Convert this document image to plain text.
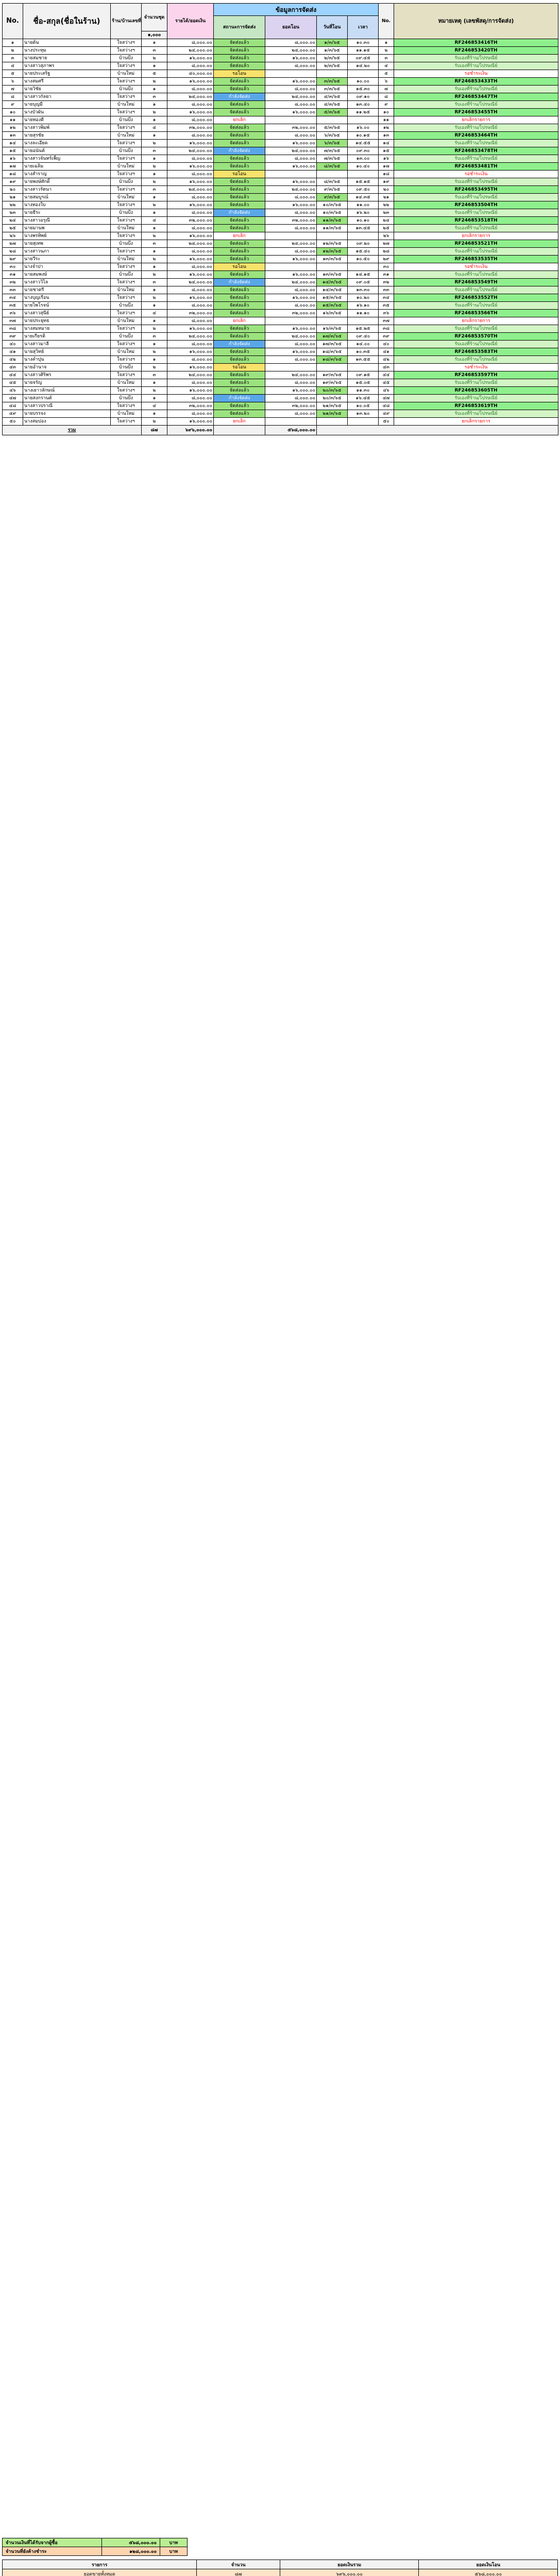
No.	ชื่อ-สกุล(ชื่อในร้าน)	ร้าน/บ้านเลขที่	จำนวนชุด	รายได้/ยอดเงิน	ข้อมูลการจัดส่ง				No.	หมายเหตุ (เลขพัสดุ/การจัดส่ง)
					สถานะการจัดส่ง	ยอดโอน	วันที่โอน	เวลา		
			๑,๐๐๐							
๑	นายต้น	ใจสว่างฯ	๑	๘,๐๐๐.๐๐	จัดส่งแล้ว	๘,๐๐๐.๐๐	๑/๓/๖๕	๑๐.๓๐	๑	RF246853416TH
๒	นางประทุม	ใจสว่างฯ	๓	๒๔,๐๐๐.๐๐	จัดส่งแล้ว	๒๔,๐๐๐.๐๐	๑/๓/๖๕	๑๑.๑๕	๒	RF246853420TH
๓	นายสมชาย	บ้านบึง	๒	๑๖,๐๐๐.๐๐	จัดส่งแล้ว	๑๖,๐๐๐.๐๐	๒/๓/๖๕	๐๙.๔๕	๓	รับเองที่ร้าน/ไปรษณีย์
๔	นางสาวสุภาพร	ใจสว่างฯ	๑	๘,๐๐๐.๐๐	จัดส่งแล้ว	๘,๐๐๐.๐๐	๒/๓/๖๕	๑๔.๒๐	๔	รับเองที่ร้าน/ไปรษณีย์
๕	นายประเสริฐ	บ้านใหม่	๕	๔๐,๐๐๐.๐๐	รอโอน				๕	รอชำระเงิน
๖	นางสมศรี	ใจสว่างฯ	๒	๑๖,๐๐๐.๐๐	จัดส่งแล้ว	๑๖,๐๐๐.๐๐	๓/๓/๖๕	๑๐.๐๐	๖	RF246853433TH
๗	นายวิชัย	บ้านบึง	๑	๘,๐๐๐.๐๐	จัดส่งแล้ว	๘,๐๐๐.๐๐	๓/๓/๖๕	๑๕.๓๐	๗	รับเองที่ร้าน/ไปรษณีย์
๘	นางสาวกัลยา	ใจสว่างฯ	๓	๒๔,๐๐๐.๐๐	กำลังจัดส่ง	๒๔,๐๐๐.๐๐	๔/๓/๖๕	๐๙.๑๐	๘	RF246853447TH
๙	นายบุญมี	บ้านใหม่	๑	๘,๐๐๐.๐๐	จัดส่งแล้ว	๘,๐๐๐.๐๐	๔/๓/๖๕	๑๓.๔๐	๙	รับเองที่ร้าน/ไปรษณีย์
๑๐	นางบัวผัน	ใจสว่างฯ	๒	๑๖,๐๐๐.๐๐	จัดส่งแล้ว	๑๖,๐๐๐.๐๐	๕/๓/๖๕	๑๑.๒๕	๑๐	RF246853455TH
๑๑	นายทองดี	บ้านบึง	๑	๘,๐๐๐.๐๐	ยกเลิก				๑๑	ยกเลิกรายการ
๑๒	นางสาวพิมพ์	ใจสว่างฯ	๔	๓๒,๐๐๐.๐๐	จัดส่งแล้ว	๓๒,๐๐๐.๐๐	๕/๓/๖๕	๑๖.๐๐	๑๒	รับเองที่ร้าน/ไปรษณีย์
๑๓	นายสุรชัย	บ้านใหม่	๑	๘,๐๐๐.๐๐	จัดส่งแล้ว	๘,๐๐๐.๐๐	๖/๓/๖๕	๑๐.๑๕	๑๓	RF246853464TH
๑๔	นางละเอียด	ใจสว่างฯ	๒	๑๖,๐๐๐.๐๐	จัดส่งแล้ว	๑๖,๐๐๐.๐๐	๖/๓/๖๕	๑๔.๕๕	๑๔	รับเองที่ร้าน/ไปรษณีย์
๑๕	นายอนันต์	บ้านบึง	๓	๒๔,๐๐๐.๐๐	กำลังจัดส่ง	๒๔,๐๐๐.๐๐	๗/๓/๖๕	๐๙.๓๐	๑๕	RF246853478TH
๑๖	นางสาวจันทร์เพ็ญ	ใจสว่างฯ	๑	๘,๐๐๐.๐๐	จัดส่งแล้ว	๘,๐๐๐.๐๐	๗/๓/๖๕	๑๓.๐๐	๑๖	รับเองที่ร้าน/ไปรษณีย์
๑๗	นายเฉลิม	บ้านใหม่	๒	๑๖,๐๐๐.๐๐	จัดส่งแล้ว	๑๖,๐๐๐.๐๐	๘/๓/๖๕	๑๐.๔๐	๑๗	RF246853481TH
๑๘	นางสำราญ	ใจสว่างฯ	๑	๘,๐๐๐.๐๐	รอโอน				๑๘	รอชำระเงิน
๑๙	นายพงษ์ศักดิ์	บ้านบึง	๒	๑๖,๐๐๐.๐๐	จัดส่งแล้ว	๑๖,๐๐๐.๐๐	๘/๓/๖๕	๑๕.๑๕	๑๙	รับเองที่ร้าน/ไปรษณีย์
๒๐	นางสาวรัตนา	ใจสว่างฯ	๓	๒๔,๐๐๐.๐๐	จัดส่งแล้ว	๒๔,๐๐๐.๐๐	๙/๓/๖๕	๐๙.๕๐	๒๐	RF246853495TH
๒๑	นายสมบูรณ์	บ้านใหม่	๑	๘,๐๐๐.๐๐	จัดส่งแล้ว	๘,๐๐๐.๐๐	๙/๓/๖๕	๑๔.๓๕	๒๑	รับเองที่ร้าน/ไปรษณีย์
๒๒	นางทองใบ	ใจสว่างฯ	๒	๑๖,๐๐๐.๐๐	จัดส่งแล้ว	๑๖,๐๐๐.๐๐	๑๐/๓/๖๕	๑๑.๐๐	๒๒	RF246853504TH
๒๓	นายธีระ	บ้านบึง	๑	๘,๐๐๐.๐๐	กำลังจัดส่ง	๘,๐๐๐.๐๐	๑๐/๓/๖๕	๑๖.๒๐	๒๓	รับเองที่ร้าน/ไปรษณีย์
๒๔	นางสาวอรุณี	ใจสว่างฯ	๔	๓๒,๐๐๐.๐๐	จัดส่งแล้ว	๓๒,๐๐๐.๐๐	๑๑/๓/๖๕	๑๐.๑๐	๒๔	RF246853518TH
๒๕	นายมานพ	บ้านใหม่	๑	๘,๐๐๐.๐๐	จัดส่งแล้ว	๘,๐๐๐.๐๐	๑๑/๓/๖๕	๑๓.๔๕	๒๕	รับเองที่ร้าน/ไปรษณีย์
๒๖	นางพรทิพย์	ใจสว่างฯ	๒	๑๖,๐๐๐.๐๐	ยกเลิก				๒๖	ยกเลิกรายการ
๒๗	นายสุเทพ	บ้านบึง	๓	๒๔,๐๐๐.๐๐	จัดส่งแล้ว	๒๔,๐๐๐.๐๐	๑๒/๓/๖๕	๐๙.๒๐	๒๗	RF246853521TH
๒๘	นางสาวนภา	ใจสว่างฯ	๑	๘,๐๐๐.๐๐	จัดส่งแล้ว	๘,๐๐๐.๐๐	๑๒/๓/๖๕	๑๕.๔๐	๒๘	รับเองที่ร้าน/ไปรษณีย์
๒๙	นายวีระ	บ้านใหม่	๒	๑๖,๐๐๐.๐๐	จัดส่งแล้ว	๑๖,๐๐๐.๐๐	๑๓/๓/๖๕	๑๐.๕๐	๒๙	RF246853535TH
๓๐	นางจำปา	ใจสว่างฯ	๑	๘,๐๐๐.๐๐	รอโอน				๓๐	รอชำระเงิน
๓๑	นายสมพงษ์	บ้านบึง	๒	๑๖,๐๐๐.๐๐	จัดส่งแล้ว	๑๖,๐๐๐.๐๐	๑๓/๓/๖๕	๑๔.๑๕	๓๑	รับเองที่ร้าน/ไปรษณีย์
๓๒	นางสาววิไล	ใจสว่างฯ	๓	๒๔,๐๐๐.๐๐	กำลังจัดส่ง	๒๔,๐๐๐.๐๐	๑๔/๓/๖๕	๐๙.๐๕	๓๒	RF246853549TH
๓๓	นายชาตรี	บ้านใหม่	๑	๘,๐๐๐.๐๐	จัดส่งแล้ว	๘,๐๐๐.๐๐	๑๔/๓/๖๕	๑๓.๓๐	๓๓	รับเองที่ร้าน/ไปรษณีย์
๓๔	นางบุญเรือน	ใจสว่างฯ	๒	๑๖,๐๐๐.๐๐	จัดส่งแล้ว	๑๖,๐๐๐.๐๐	๑๕/๓/๖๕	๑๐.๒๐	๓๔	RF246853552TH
๓๕	นายไพโรจน์	บ้านบึง	๑	๘,๐๐๐.๐๐	จัดส่งแล้ว	๘,๐๐๐.๐๐	๑๕/๓/๖๕	๑๖.๑๐	๓๕	รับเองที่ร้าน/ไปรษณีย์
๓๖	นางสาวสุนีย์	ใจสว่างฯ	๔	๓๒,๐๐๐.๐๐	จัดส่งแล้ว	๓๒,๐๐๐.๐๐	๑๖/๓/๖๕	๑๑.๑๐	๓๖	RF246853566TH
๓๗	นายประยุทธ	บ้านใหม่	๑	๘,๐๐๐.๐๐	ยกเลิก				๓๗	ยกเลิกรายการ
๓๘	นางสมหมาย	ใจสว่างฯ	๒	๑๖,๐๐๐.๐๐	จัดส่งแล้ว	๑๖,๐๐๐.๐๐	๑๖/๓/๖๕	๑๕.๒๕	๓๘	รับเองที่ร้าน/ไปรษณีย์
๓๙	นายเกียรติ	บ้านบึง	๓	๒๔,๐๐๐.๐๐	จัดส่งแล้ว	๒๔,๐๐๐.๐๐	๑๗/๓/๖๕	๐๙.๔๐	๓๙	RF246853570TH
๔๐	นางสาวมาลี	ใจสว่างฯ	๑	๘,๐๐๐.๐๐	กำลังจัดส่ง	๘,๐๐๐.๐๐	๑๗/๓/๖๕	๑๔.๐๐	๔๐	รับเองที่ร้าน/ไปรษณีย์
๔๑	นายสุวิทย์	บ้านใหม่	๒	๑๖,๐๐๐.๐๐	จัดส่งแล้ว	๑๖,๐๐๐.๐๐	๑๘/๓/๖๕	๑๐.๓๕	๔๑	RF246853583TH
๔๒	นางคำปุน	ใจสว่างฯ	๑	๘,๐๐๐.๐๐	จัดส่งแล้ว	๘,๐๐๐.๐๐	๑๘/๓/๖๕	๑๓.๕๕	๔๒	รับเองที่ร้าน/ไปรษณีย์
๔๓	นายอำนาจ	บ้านบึง	๒	๑๖,๐๐๐.๐๐	รอโอน				๔๓	รอชำระเงิน
๔๔	นางสาวศิริพร	ใจสว่างฯ	๓	๒๔,๐๐๐.๐๐	จัดส่งแล้ว	๒๔,๐๐๐.๐๐	๑๙/๓/๖๕	๐๙.๑๕	๔๔	RF246853597TH
๔๕	นายจรัญ	บ้านใหม่	๑	๘,๐๐๐.๐๐	จัดส่งแล้ว	๘,๐๐๐.๐๐	๑๙/๓/๖๕	๑๕.๐๕	๔๕	รับเองที่ร้าน/ไปรษณีย์
๔๖	นางเยาวลักษณ์	ใจสว่างฯ	๒	๑๖,๐๐๐.๐๐	จัดส่งแล้ว	๑๖,๐๐๐.๐๐	๒๐/๓/๖๕	๑๑.๓๐	๔๖	RF246853605TH
๔๗	นายสงกรานต์	บ้านบึง	๑	๘,๐๐๐.๐๐	กำลังจัดส่ง	๘,๐๐๐.๐๐	๒๐/๓/๖๕	๑๖.๔๕	๔๗	รับเองที่ร้าน/ไปรษณีย์
๔๘	นางสาวปราณี	ใจสว่างฯ	๔	๓๒,๐๐๐.๐๐	จัดส่งแล้ว	๓๒,๐๐๐.๐๐	๒๑/๓/๖๕	๑๐.๐๕	๔๘	RF246853619TH
๔๙	นายบรรจง	บ้านใหม่	๑	๘,๐๐๐.๐๐	จัดส่งแล้ว	๘,๐๐๐.๐๐	๒๑/๓/๖๕	๑๓.๒๐	๔๙	รับเองที่ร้าน/ไปรษณีย์
๕๐	นางสมปอง	ใจสว่างฯ	๒	๑๖,๐๐๐.๐๐	ยกเลิก				๕๐	ยกเลิกรายการ
รวม			๘๗	๖๙๖,๐๐๐.๐๐		๕๖๘,๐๐๐.๐๐				
จำนวนเงินที่ได้รับจากผู้ซื้อ	๕๖๘,๐๐๐.๐๐	บาท
จำนวนที่ยังค้างชำระ	๑๒๘,๐๐๐.๐๐	บาท
รายการ	จำนวน	ยอดเงินรวม	ยอดเงินโอน
ยอดขายทั้งหมด	๘๗	๖๙๖,๐๐๐.๐๐	๕๖๘,๐๐๐.๐๐
